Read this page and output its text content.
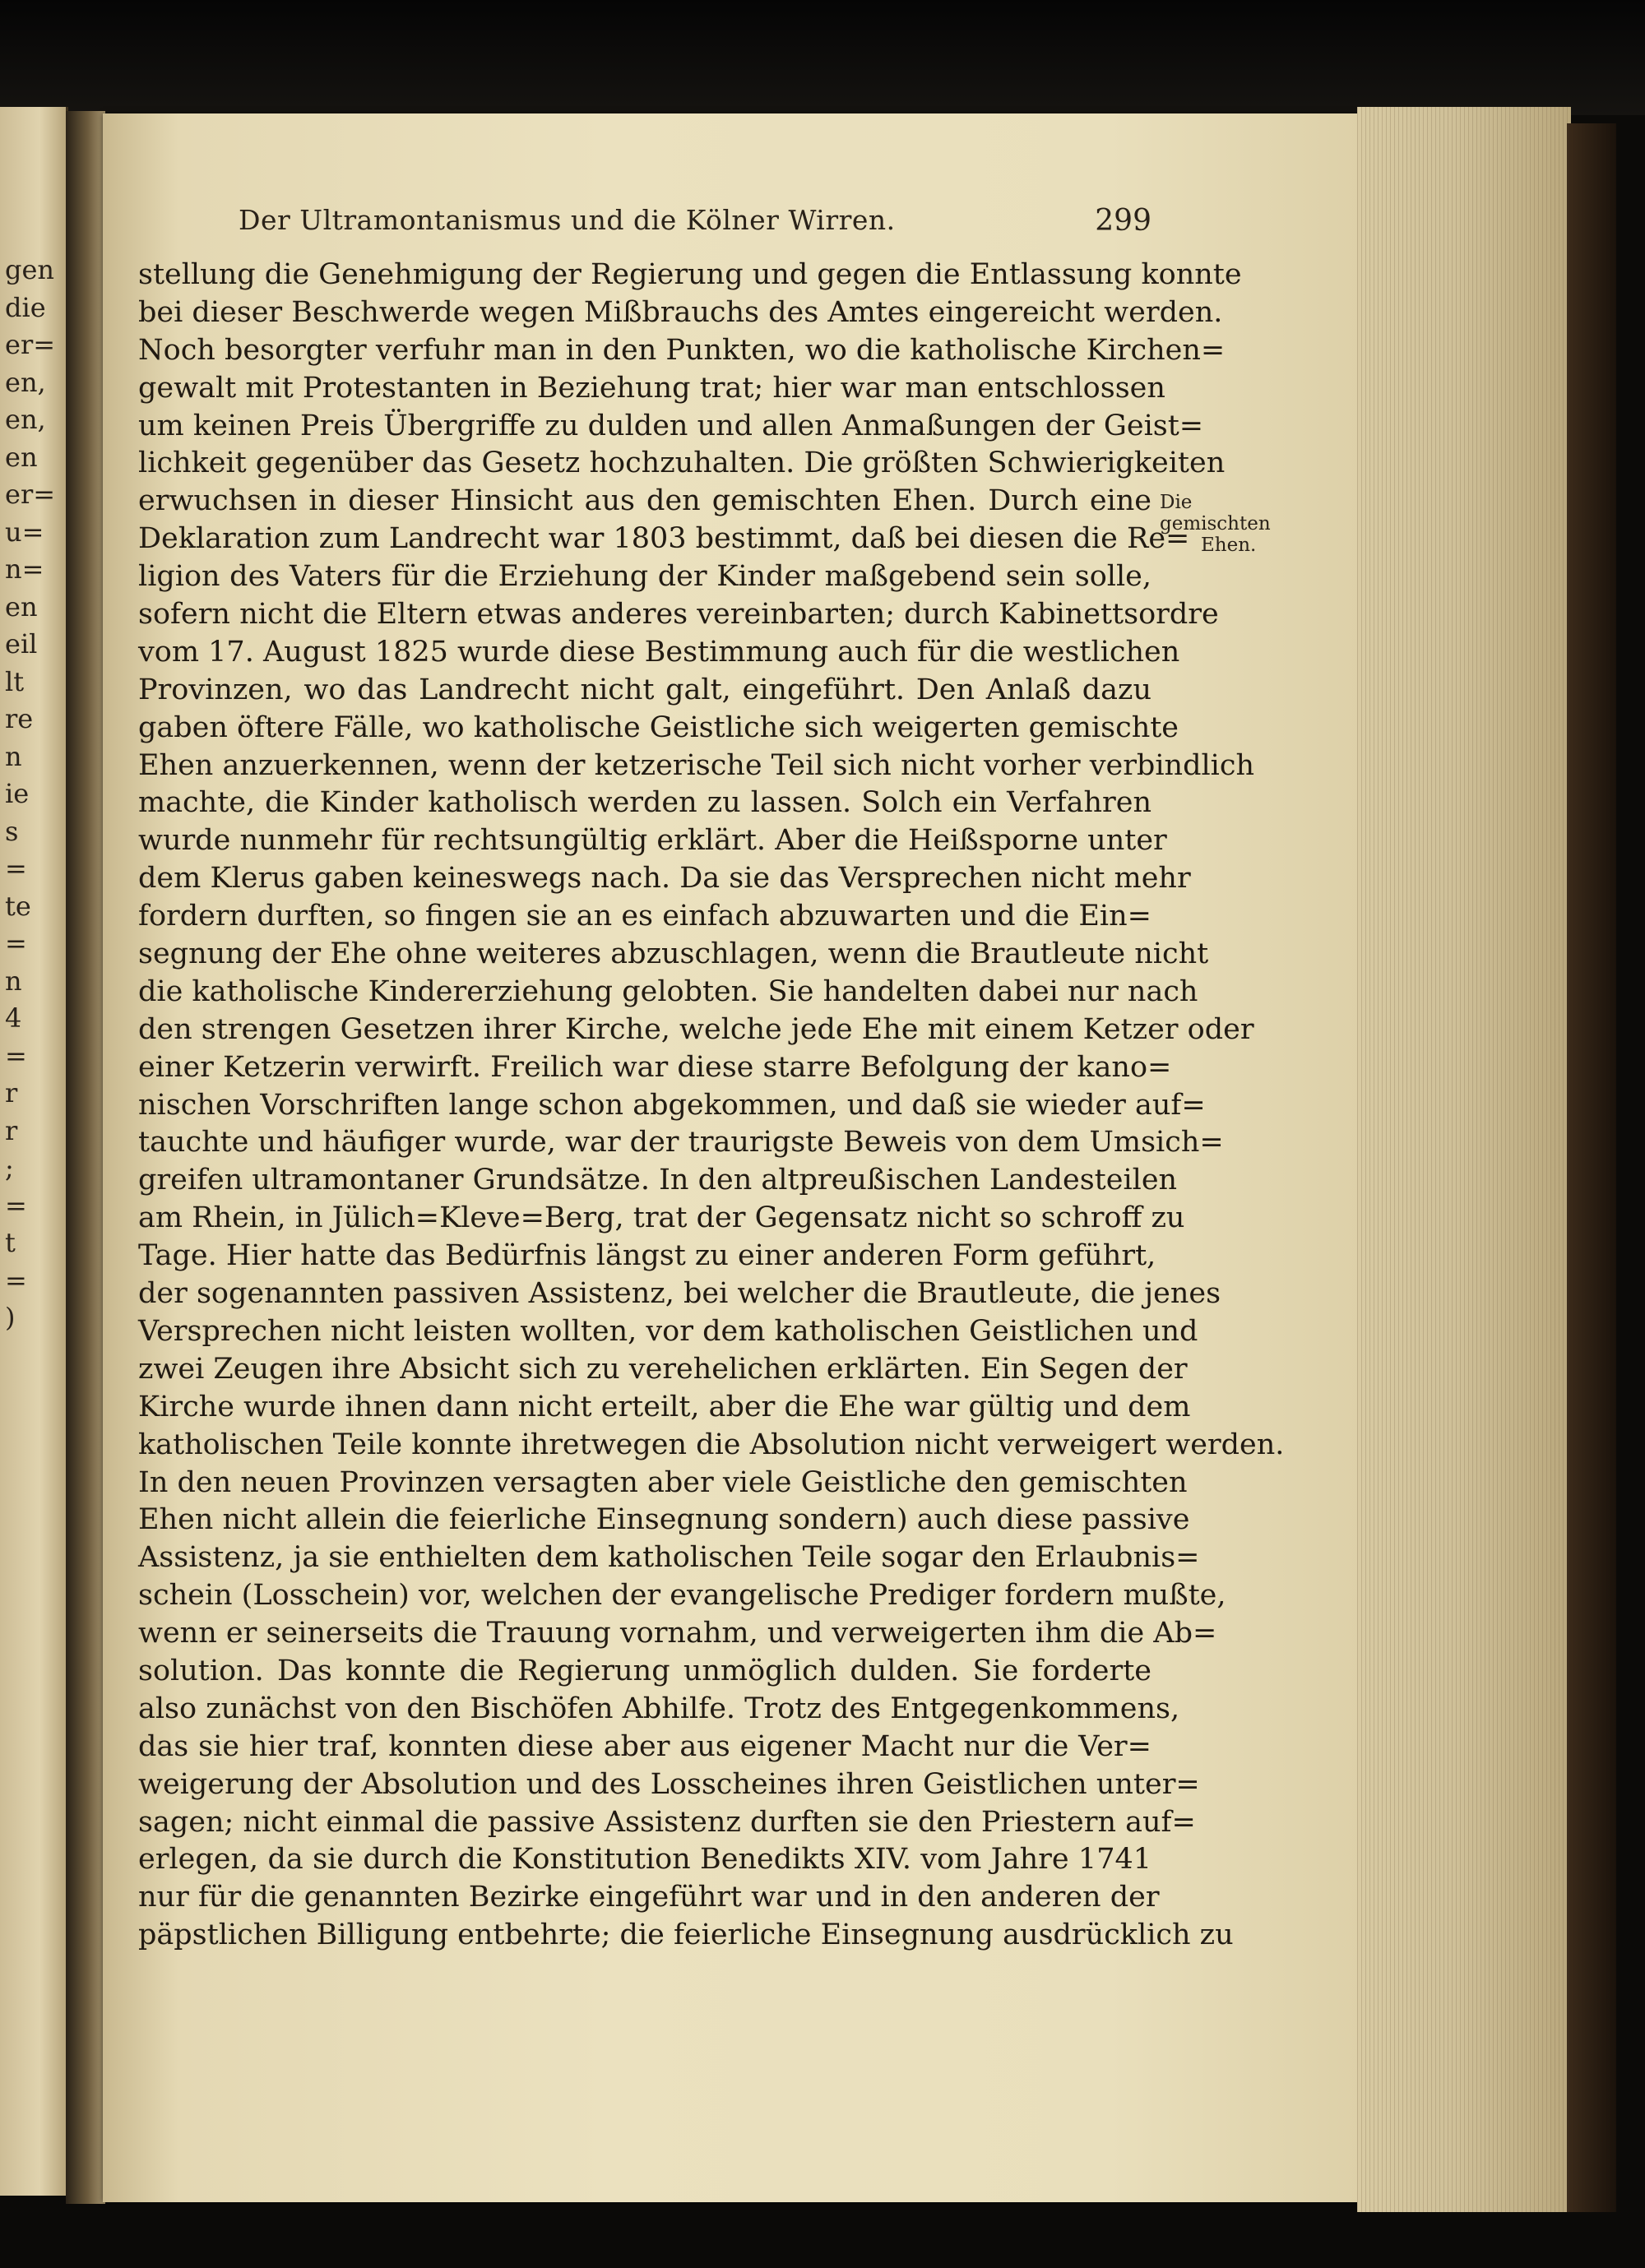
gen
die
er=
en,
en,
en
er=
u=
n=
en
eil
lt
re
n
ie
s
=
te
=
n
4
=
r
r
;
=
t
=
)
Der Ultramontanismus und die Kölner Wirren.	299
stellung die Genehmigung der Regierung und gegen die Entlassung konnte
bei dieser Beschwerde wegen Mißbrauchs des Amtes eingereicht werden.
Noch besorgter verfuhr man in den Punkten, wo die katholische Kirchen=
gewalt mit Protestanten in Beziehung trat; hier war man entschlossen
um keinen Preis Übergriffe zu dulden und allen Anmaßungen der Geist=
lichkeit gegenüber das Gesetz hochzuhalten. Die größten Schwierigkeiten
erwuchsen in dieser Hinsicht aus den gemischten Ehen. Durch eine
Deklaration zum Landrecht war 1803 bestimmt, daß bei diesen die Re=
ligion des Vaters für die Erziehung der Kinder maßgebend sein solle,
sofern nicht die Eltern etwas anderes vereinbarten; durch Kabinettsordre
vom 17. August 1825 wurde diese Bestimmung auch für die westlichen
Provinzen, wo das Landrecht nicht galt, eingeführt. Den Anlaß dazu
gaben öftere Fälle, wo katholische Geistliche sich weigerten gemischte
Ehen anzuerkennen, wenn der ketzerische Teil sich nicht vorher verbindlich
machte, die Kinder katholisch werden zu lassen. Solch ein Verfahren
wurde nunmehr für rechtsungültig erklärt. Aber die Heißsporne unter
dem Klerus gaben keineswegs nach. Da sie das Versprechen nicht mehr
fordern durften, so fingen sie an es einfach abzuwarten und die Ein=
segnung der Ehe ohne weiteres abzuschlagen, wenn die Brautleute nicht
die katholische Kindererziehung gelobten. Sie handelten dabei nur nach
den strengen Gesetzen ihrer Kirche, welche jede Ehe mit einem Ketzer oder
einer Ketzerin verwirft. Freilich war diese starre Befolgung der kano=
nischen Vorschriften lange schon abgekommen, und daß sie wieder auf=
tauchte und häufiger wurde, war der traurigste Beweis von dem Umsich=
greifen ultramontaner Grundsätze. In den altpreußischen Landesteilen
am Rhein, in Jülich=Kleve=Berg, trat der Gegensatz nicht so schroff zu
Tage. Hier hatte das Bedürfnis längst zu einer anderen Form geführt,
der sogenannten passiven Assistenz, bei welcher die Brautleute, die jenes
Versprechen nicht leisten wollten, vor dem katholischen Geistlichen und
zwei Zeugen ihre Absicht sich zu verehelichen erklärten. Ein Segen der
Kirche wurde ihnen dann nicht erteilt, aber die Ehe war gültig und dem
katholischen Teile konnte ihretwegen die Absolution nicht verweigert werden.
In den neuen Provinzen versagten aber viele Geistliche den gemischten
Ehen nicht allein die feierliche Einsegnung sondern) auch diese passive
Assistenz, ja sie enthielten dem katholischen Teile sogar den Erlaubnis=
schein (Losschein) vor, welchen der evangelische Prediger fordern mußte,
wenn er seinerseits die Trauung vornahm, und verweigerten ihm die Ab=
solution. Das konnte die Regierung unmöglich dulden. Sie forderte
also zunächst von den Bischöfen Abhilfe. Trotz des Entgegenkommens,
das sie hier traf, konnten diese aber aus eigener Macht nur die Ver=
weigerung der Absolution und des Losscheines ihren Geistlichen unter=
sagen; nicht einmal die passive Assistenz durften sie den Priestern auf=
erlegen, da sie durch die Konstitution Benedikts XIV. vom Jahre 1741
nur für die genannten Bezirke eingeführt war und in den anderen der
päpstlichen Billigung entbehrte; die feierliche Einsegnung ausdrücklich zu
Die gemischten
Ehen.
